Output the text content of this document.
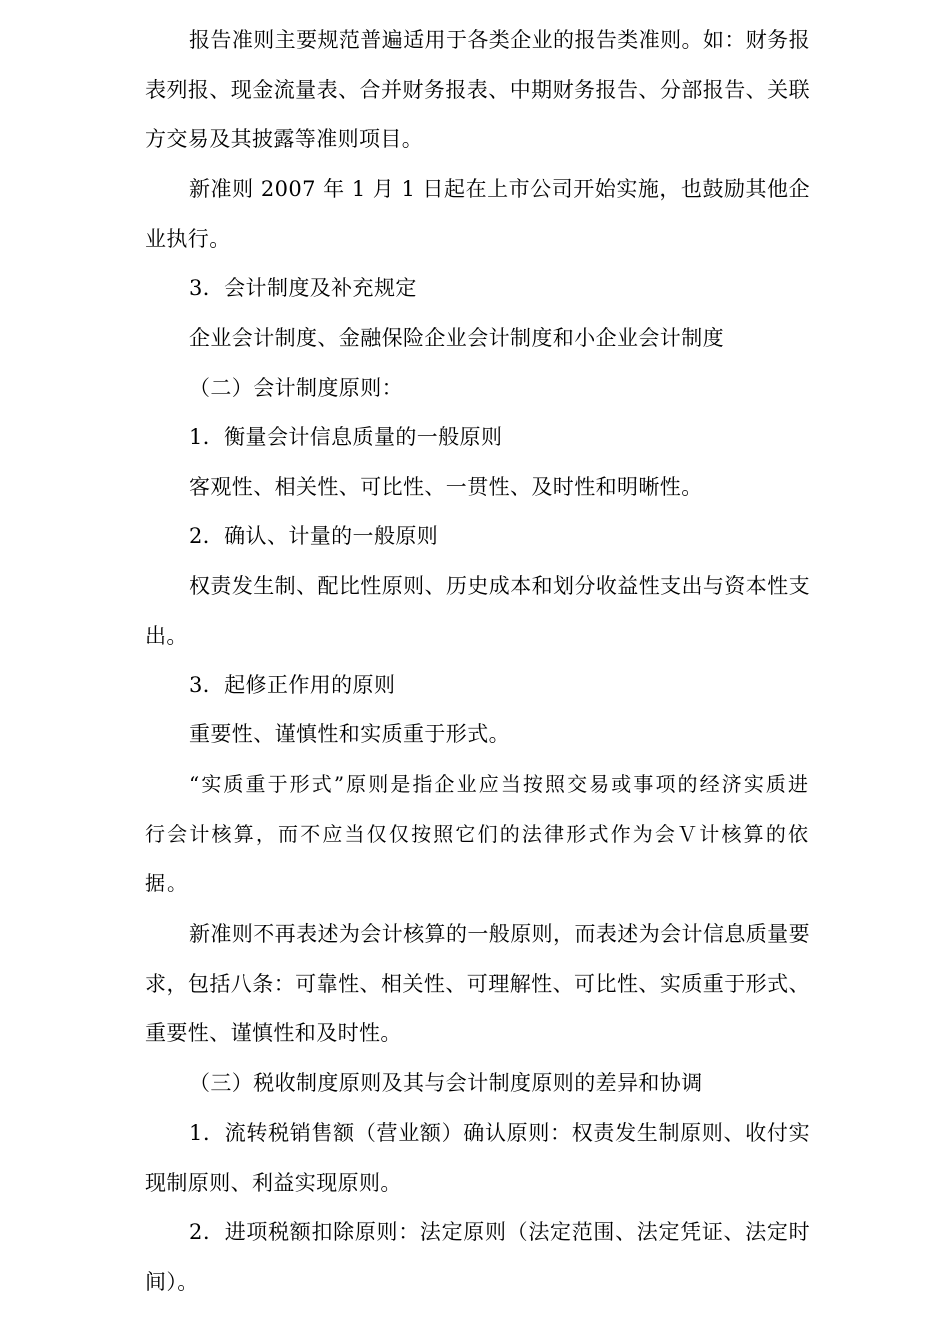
报告准则主要规范普遍适用于各类企业的报告类准则。如：财务报表列报、现金流量表、合并财务报表、中期财务报告、分部报告、关联方交易及其披露等准则项目。

新准则 2007 年 1 月 1 日起在上市公司开始实施，也鼓励其他企业执行。

3．会计制度及补充规定

企业会计制度、金融保险企业会计制度和小企业会计制度

（二）会计制度原则：

1．衡量会计信息质量的一般原则

客观性、相关性、可比性、一贯性、及时性和明晰性。

2．确认、计量的一般原则

权责发生制、配比性原则、历史成本和划分收益性支出与资本性支出。

3．起修正作用的原则

重要性、谨慎性和实质重于形式。

“实质重于形式”原则是指企业应当按照交易或事项的经济实质进行会计核算，而不应当仅仅按照它们的法律形式作为会Ｖ计核算的依据。

新准则不再表述为会计核算的一般原则，而表述为会计信息质量要求，包括八条：可靠性、相关性、可理解性、可比性、实质重于形式、重要性、谨慎性和及时性。

（三）税收制度原则及其与会计制度原则的差异和协调

1．流转税销售额（营业额）确认原则：权责发生制原则、收付实现制原则、利益实现原则。

2．进项税额扣除原则：法定原则（法定范围、法定凭证、法定时间）。
